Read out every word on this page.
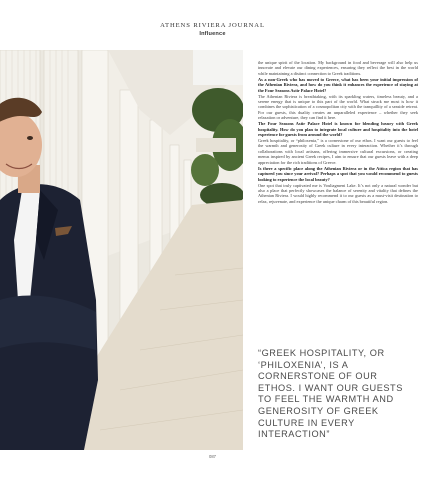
ATHENS RIVIERA JOURNAL
Influence

the unique spirit of the location. My background in food and beverage will also help us innovate and elevate our dining experiences, ensuring they reflect the best in the world while maintaining a distinct connection to Greek traditions.

As a non-Greek who has moved to Greece, what has been your initial impression of the Athenian Riviera, and how do you think it enhances the experience of staying at the Four Seasons Astir Palace Hotel?

The Athenian Riviera is breathtaking, with its sparkling waters, timeless beauty, and a serene energy that is unique to this part of the world. What struck me most is how it combines the sophistication of a cosmopolitan city with the tranquillity of a seaside retreat. For our guests, this duality creates an unparalleled experience – whether they seek relaxation or adventure, they can find it here.

The Four Seasons Astir Palace Hotel is known for blending luxury with Greek hospitality. How do you plan to integrate local culture and hospitality into the hotel experience for guests from around the world?

Greek hospitality, or “philoxenia,” is a cornerstone of our ethos. I want our guests to feel the warmth and generosity of Greek culture in every interaction. Whether it’s through collaborations with local artisans, offering immersive cultural excursions, or creating menus inspired by ancient Greek recipes, I aim to ensure that our guests leave with a deep appreciation for the rich traditions of Greece.

Is there a specific place along the Athenian Riviera or in the Attica region that has captured you since your arrival? Perhaps a spot that you would recommend to guests looking to experience the local beauty?

One spot that truly captivated me is Vouliagmeni Lake. It’s not only a natural wonder but also a place that perfectly showcases the balance of serenity and vitality that defines the Athenian Riviera. I would highly recommend it to our guests as a must-visit destination to relax, rejuvenate, and experience the unique charm of this beautiful region.

“GREEK HOSPITALITY, OR ‘PHILOXENIA’, IS A CORNERSTONE OF OUR ETHOS. I WANT OUR GUESTS TO FEEL THE WARMTH AND GENEROSITY OF GREEK CULTURE IN EVERY INTERACTION”
087
